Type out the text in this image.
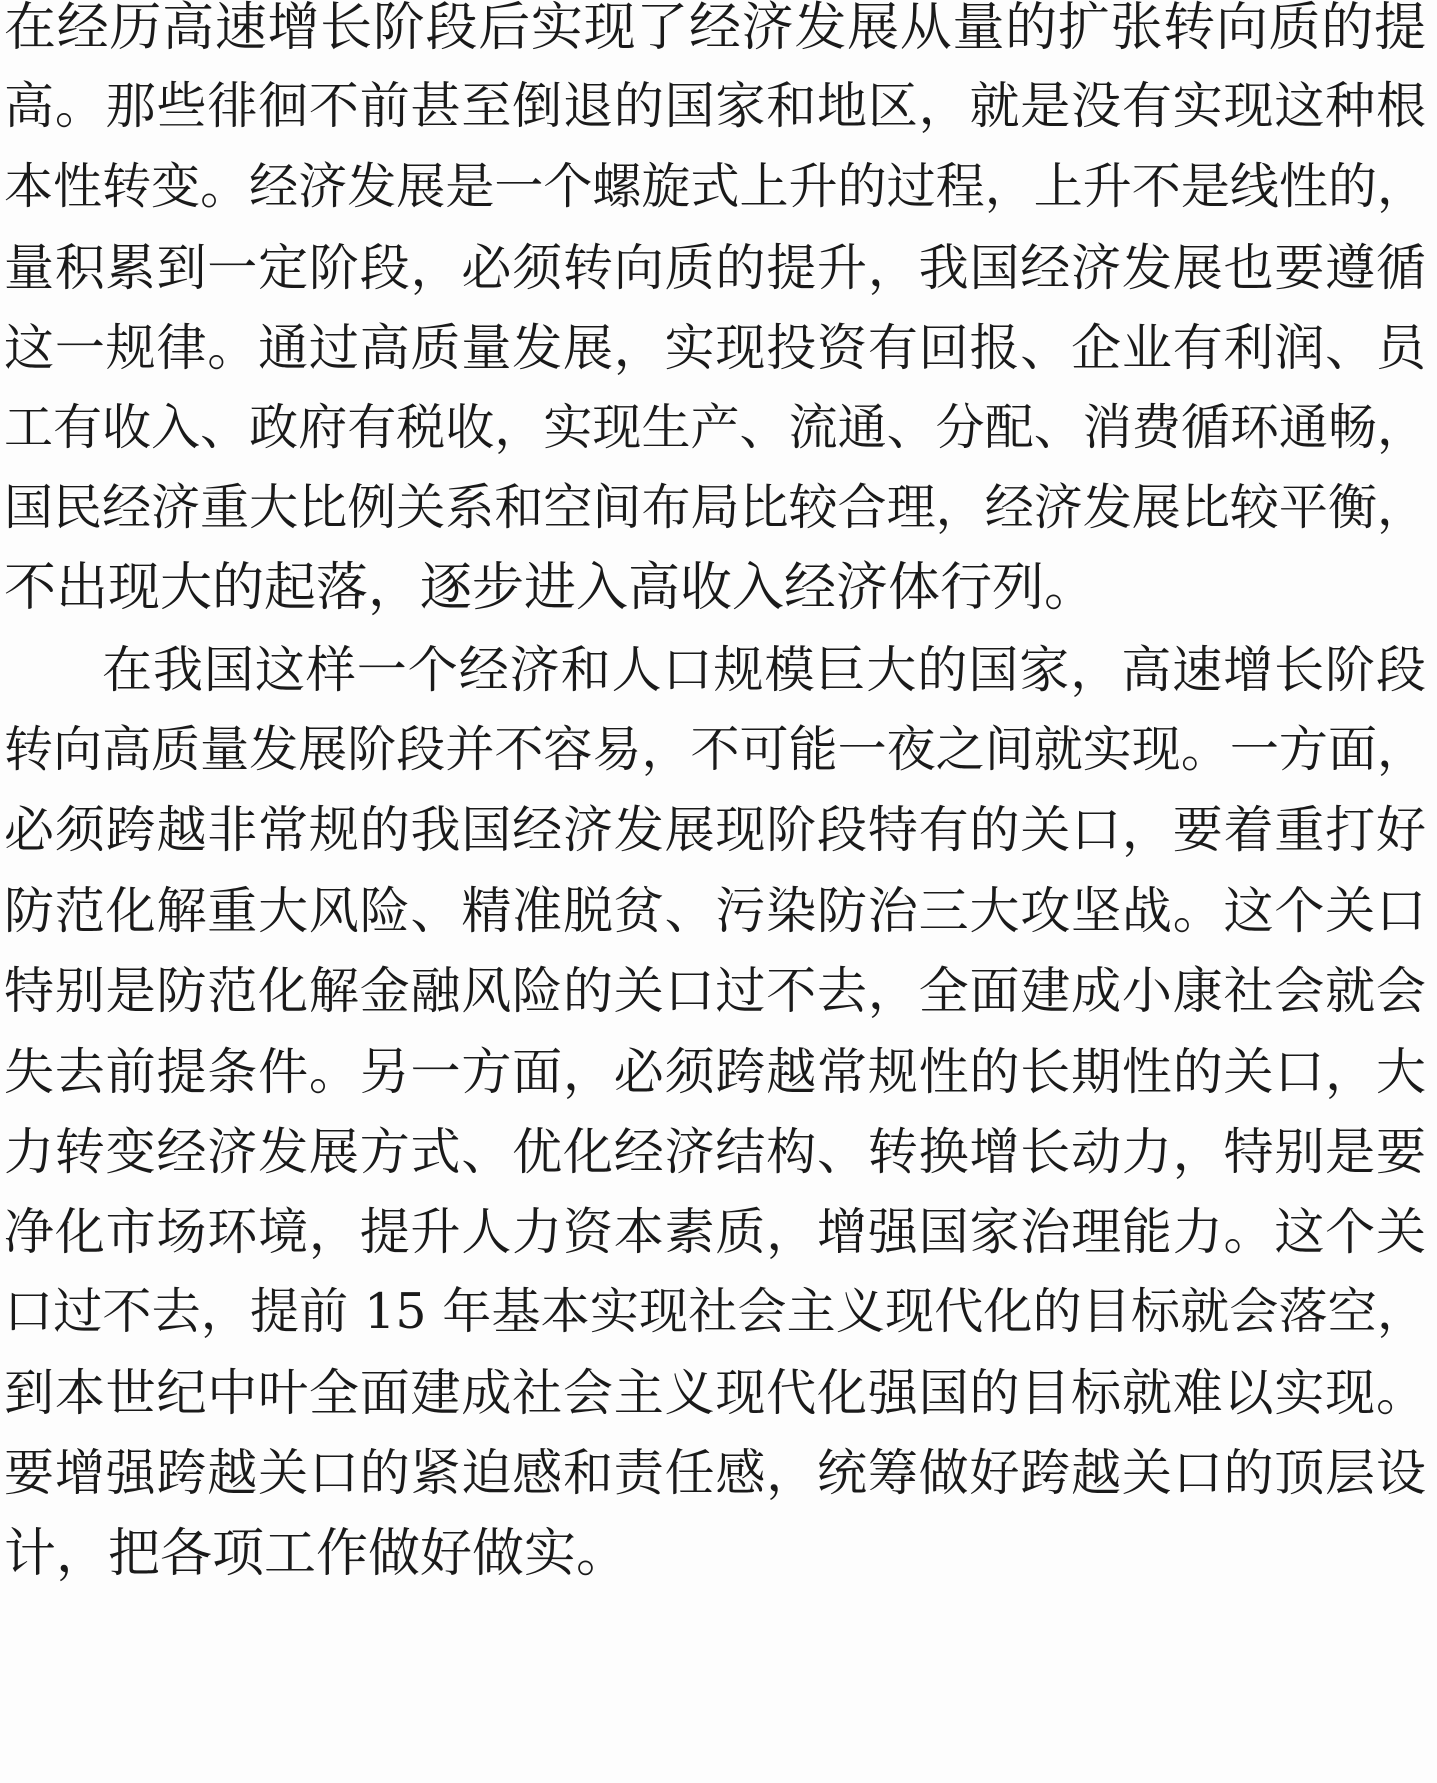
在经历高速增长阶段后实现了经济发展从量的扩张转向质的提
高。那些徘徊不前甚至倒退的国家和地区，就是没有实现这种根
本性转变。经济发展是一个螺旋式上升的过程，上升不是线性的，
量积累到一定阶段，必须转向质的提升，我国经济发展也要遵循
这一规律。通过高质量发展，实现投资有回报、企业有利润、员
工有收入、政府有税收，实现生产、流通、分配、消费循环通畅，
国民经济重大比例关系和空间布局比较合理，经济发展比较平衡，
不出现大的起落，逐步进入高收入经济体行列。
在我国这样一个经济和人口规模巨大的国家，高速增长阶段
转向高质量发展阶段并不容易，不可能一夜之间就实现。一方面，
必须跨越非常规的我国经济发展现阶段特有的关口，要着重打好
防范化解重大风险、精准脱贫、污染防治三大攻坚战。这个关口
特别是防范化解金融风险的关口过不去，全面建成小康社会就会
失去前提条件。另一方面，必须跨越常规性的长期性的关口，大
力转变经济发展方式、优化经济结构、转换增长动力，特别是要
净化市场环境，提升人力资本素质，增强国家治理能力。这个关
口过不去，提前 15 年基本实现社会主义现代化的目标就会落空，
到本世纪中叶全面建成社会主义现代化强国的目标就难以实现。
要增强跨越关口的紧迫感和责任感，统筹做好跨越关口的顶层设
计，把各项工作做好做实。
